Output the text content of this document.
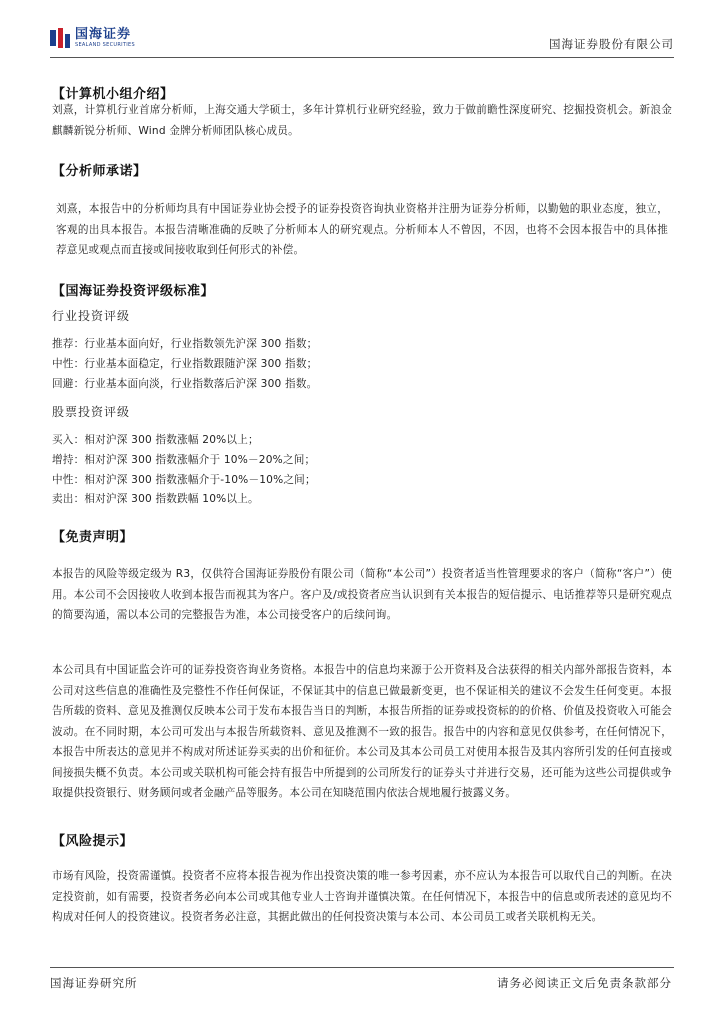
国海证券
SEALAND SECURITIES	国海证券股份有限公司
【计算机小组介绍】
刘熹，计算机行业首席分析师，上海交通大学硕士，多年计算机行业研究经验，致力于做前瞻性深度研究、挖掘投资机会。新浪金麒麟新锐分析师、Wind 金牌分析师团队核心成员。
【分析师承诺】
刘熹，本报告中的分析师均具有中国证券业协会授予的证券投资咨询执业资格并注册为证券分析师，以勤勉的职业态度，独立，客观的出具本报告。本报告清晰准确的反映了分析师本人的研究观点。分析师本人不曾因，不因，也将不会因本报告中的具体推荐意见或观点而直接或间接收取到任何形式的补偿。
【国海证券投资评级标准】
行业投资评级
推荐：行业基本面向好，行业指数领先沪深 300 指数；
中性：行业基本面稳定，行业指数跟随沪深 300 指数；
回避：行业基本面向淡，行业指数落后沪深 300 指数。
股票投资评级
买入：相对沪深 300 指数涨幅 20%以上；
增持：相对沪深 300 指数涨幅介于 10%－20%之间；
中性：相对沪深 300 指数涨幅介于-10%－10%之间；
卖出：相对沪深 300 指数跌幅 10%以上。
【免责声明】
本报告的风险等级定级为 R3，仅供符合国海证券股份有限公司（简称“本公司”）投资者适当性管理要求的客户（简称“客户”）使用。本公司不会因接收人收到本报告而视其为客户。客户及/或投资者应当认识到有关本报告的短信提示、电话推荐等只是研究观点的简要沟通，需以本公司的完整报告为准，本公司接受客户的后续问询。
本公司具有中国证监会许可的证券投资咨询业务资格。本报告中的信息均来源于公开资料及合法获得的相关内部外部报告资料，本公司对这些信息的准确性及完整性不作任何保证，不保证其中的信息已做最新变更，也不保证相关的建议不会发生任何变更。本报告所载的资料、意见及推测仅反映本公司于发布本报告当日的判断，本报告所指的证券或投资标的的价格、价值及投资收入可能会波动。在不同时期，本公司可发出与本报告所载资料、意见及推测不一致的报告。报告中的内容和意见仅供参考，在任何情况下，本报告中所表达的意见并不构成对所述证券买卖的出价和征价。本公司及其本公司员工对使用本报告及其内容所引发的任何直接或间接损失概不负责。本公司或关联机构可能会持有报告中所提到的公司所发行的证券头寸并进行交易，还可能为这些公司提供或争取提供投资银行、财务顾问或者金融产品等服务。本公司在知晓范围内依法合规地履行披露义务。
【风险提示】
市场有风险，投资需谨慎。投资者不应将本报告视为作出投资决策的唯一参考因素，亦不应认为本报告可以取代自己的判断。在决定投资前，如有需要，投资者务必向本公司或其他专业人士咨询并谨慎决策。在任何情况下，本报告中的信息或所表述的意见均不构成对任何人的投资建议。投资者务必注意，其据此做出的任何投资决策与本公司、本公司员工或者关联机构无关。
国海证券研究所	请务必阅读正文后免责条款部分
